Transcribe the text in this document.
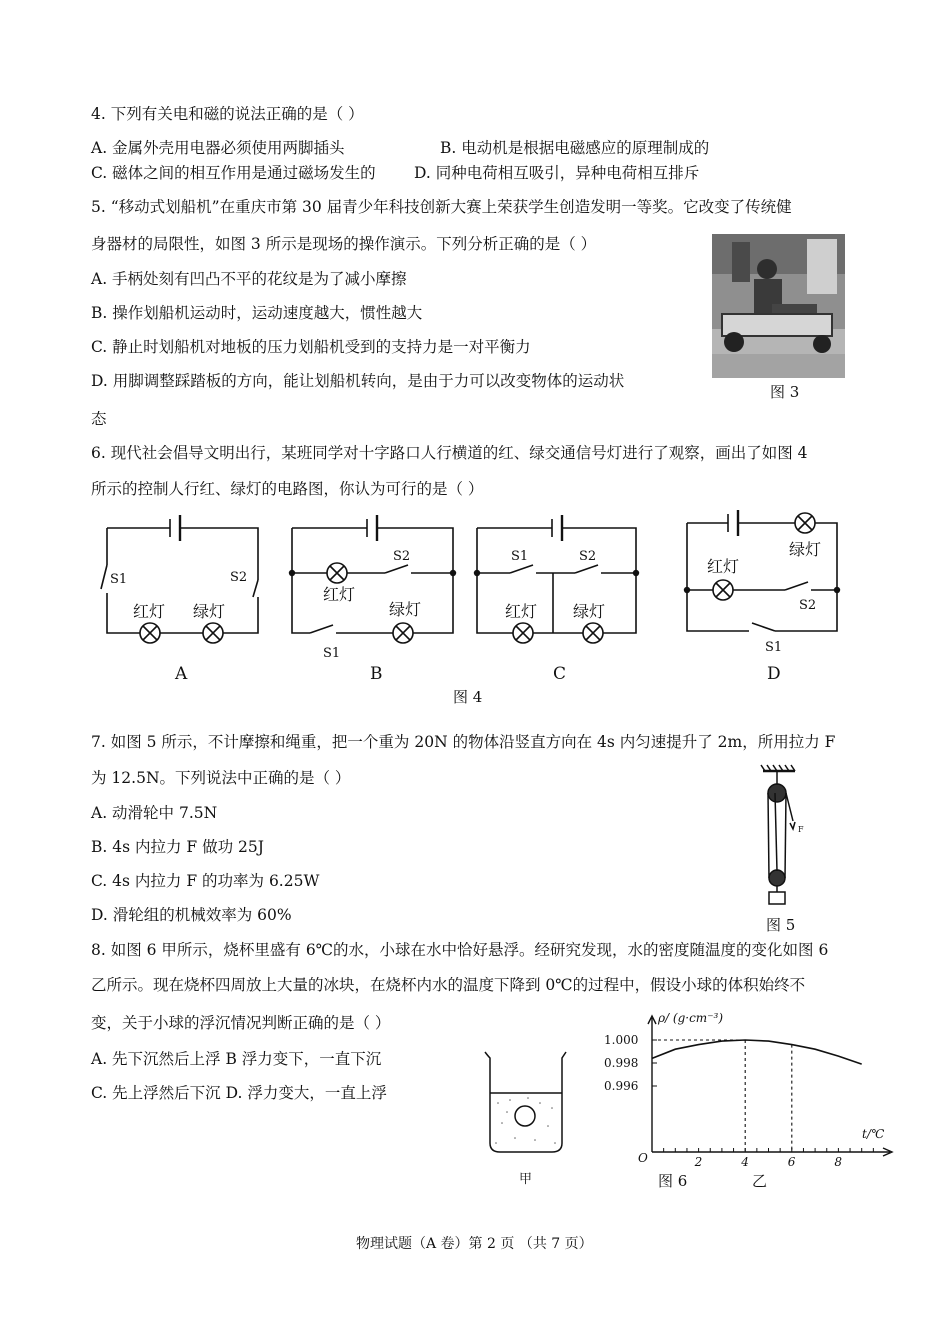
4. 下列有关电和磁的说法正确的是（ ）
A. 金属外壳用电器必须使用两脚插头	B. 电动机是根据电磁感应的原理制成的
C. 磁体之间的相互作用是通过磁场发生的 D. 同种电荷相互吸引，异种电荷相互排斥
5. “移动式划船机”在重庆市第 30 届青少年科技创新大赛上荣获学生创造发明一等奖。它改变了传统健
身器材的局限性，如图 3 所示是现场的操作演示。下列分析正确的是（ ）
A. 手柄处刻有凹凸不平的花纹是为了减小摩擦
B. 操作划船机运动时，运动速度越大，惯性越大
C. 静止时划船机对地板的压力划船机受到的支持力是一对平衡力
D. 用脚调整踩踏板的方向，能让划船机转向，是由于力可以改变物体的运动状
态
图 3
6. 现代社会倡导文明出行，某班同学对十字路口人行横道的红、绿交通信号灯进行了观察，画出了如图 4
所示的控制人行红、绿灯的电路图，你认为可行的是（ ）
S1	S2
红灯 绿灯
A
红灯
绿灯
S2
S1
B
S1	S2
红灯 绿灯
C
红灯
绿灯
S2
S1
D
图 4
7. 如图 5 所示，不计摩擦和绳重，把一个重为 20N 的物体沿竖直方向在 4s 内匀速提升了 2m，所用拉力 F
为 12.5N。下列说法中正确的是（ ）
A. 动滑轮中 7.5N
B. 4s 内拉力 F 做功 25J
C. 4s 内拉力 F 的功率为 6.25W
D. 滑轮组的机械效率为 60%
F
图 5
8. 如图 6 甲所示，烧杯里盛有 6℃的水，小球在水中恰好悬浮。经研究发现，水的密度随温度的变化如图 6
乙所示。现在烧杯四周放上大量的冰块，在烧杯内水的温度下降到 0℃的过程中，假设小球的体积始终不
变，关于小球的浮沉情况判断正确的是（ ）
A. 先下沉然后上浮 B 浮力变下，一直下沉
C. 先上浮然后下沉 D. 浮力变大，一直上浮
甲
ρ/ (g·cm⁻³)
t/℃
O
1.000
0.998
0.996
2	4	6	8
图 6	乙
物理试题（A 卷）第 2 页 （共 7 页）
